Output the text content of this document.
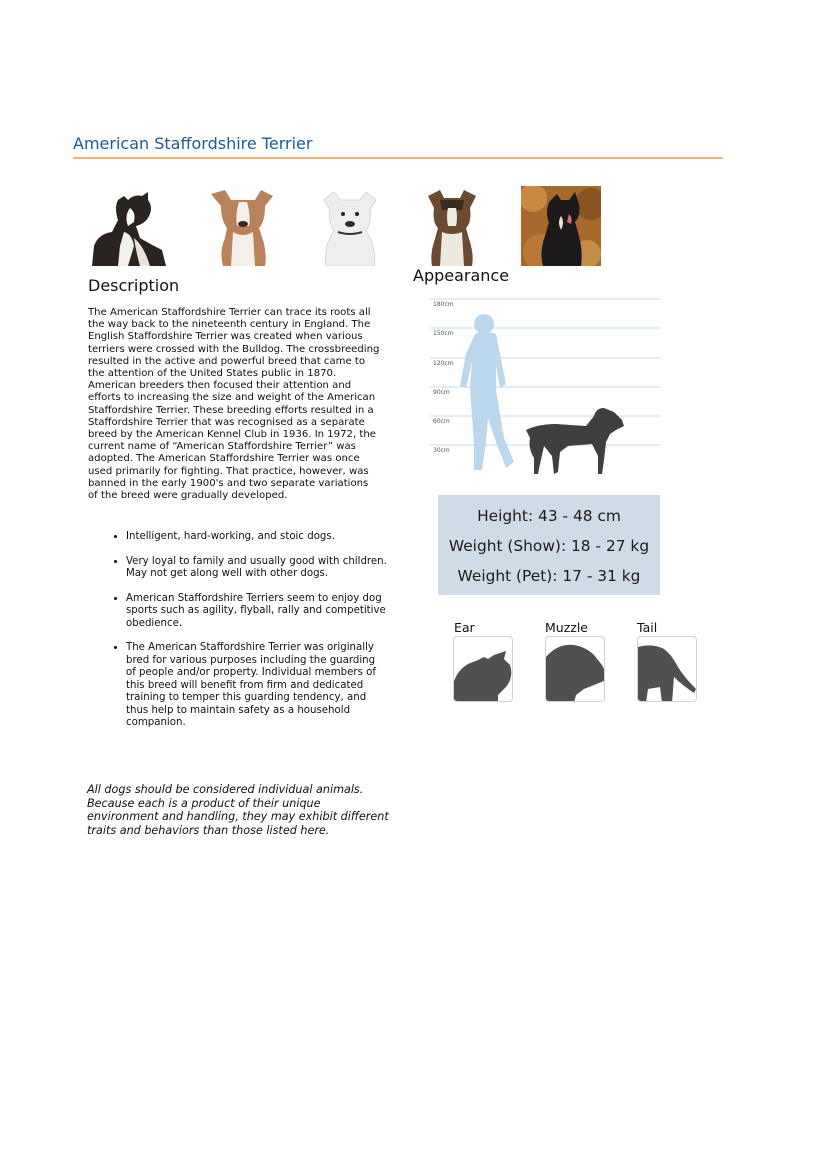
American Staffordshire Terrier
Description
The American Staffordshire Terrier can trace its roots all the way back to the nineteenth century in England. The English Staffordshire Terrier was created when various terriers were crossed with the Bulldog. The crossbreeding resulted in the active and powerful breed that came to the attention of the United States public in 1870. American breeders then focused their attention and efforts to increasing the size and weight of the American Staffordshire Terrier. These breeding efforts resulted in a Staffordshire Terrier that was recognised as a separate breed by the American Kennel Club in 1936. In 1972, the current name of “American Staffordshire Terrier” was adopted. The American Staffordshire Terrier was once used primarily for fighting. That practice, however, was banned in the early 1900's and two separate variations of the breed were gradually developed.
• Intelligent, hard-working, and stoic dogs.
• Very loyal to family and usually good with children. May not get along well with other dogs.
• American Staffordshire Terriers seem to enjoy dog sports such as agility, flyball, rally and competitive obedience.
• The American Staffordshire Terrier was originally bred for various purposes including the guarding of people and/or property. Individual members of this breed will benefit from firm and dedicated training to temper this guarding tendency, and thus help to maintain safety as a household companion.
All dogs should be considered individual animals. Because each is a product of their unique environment and handling, they may exhibit different traits and behaviors than those listed here.
Appearance
180cm
150cm
120cm
90cm
60cm
30cm
Height: 43 - 48 cm
Weight (Show): 18 - 27 kg
Weight (Pet): 17 - 31 kg
Ear	Muzzle	Tail
